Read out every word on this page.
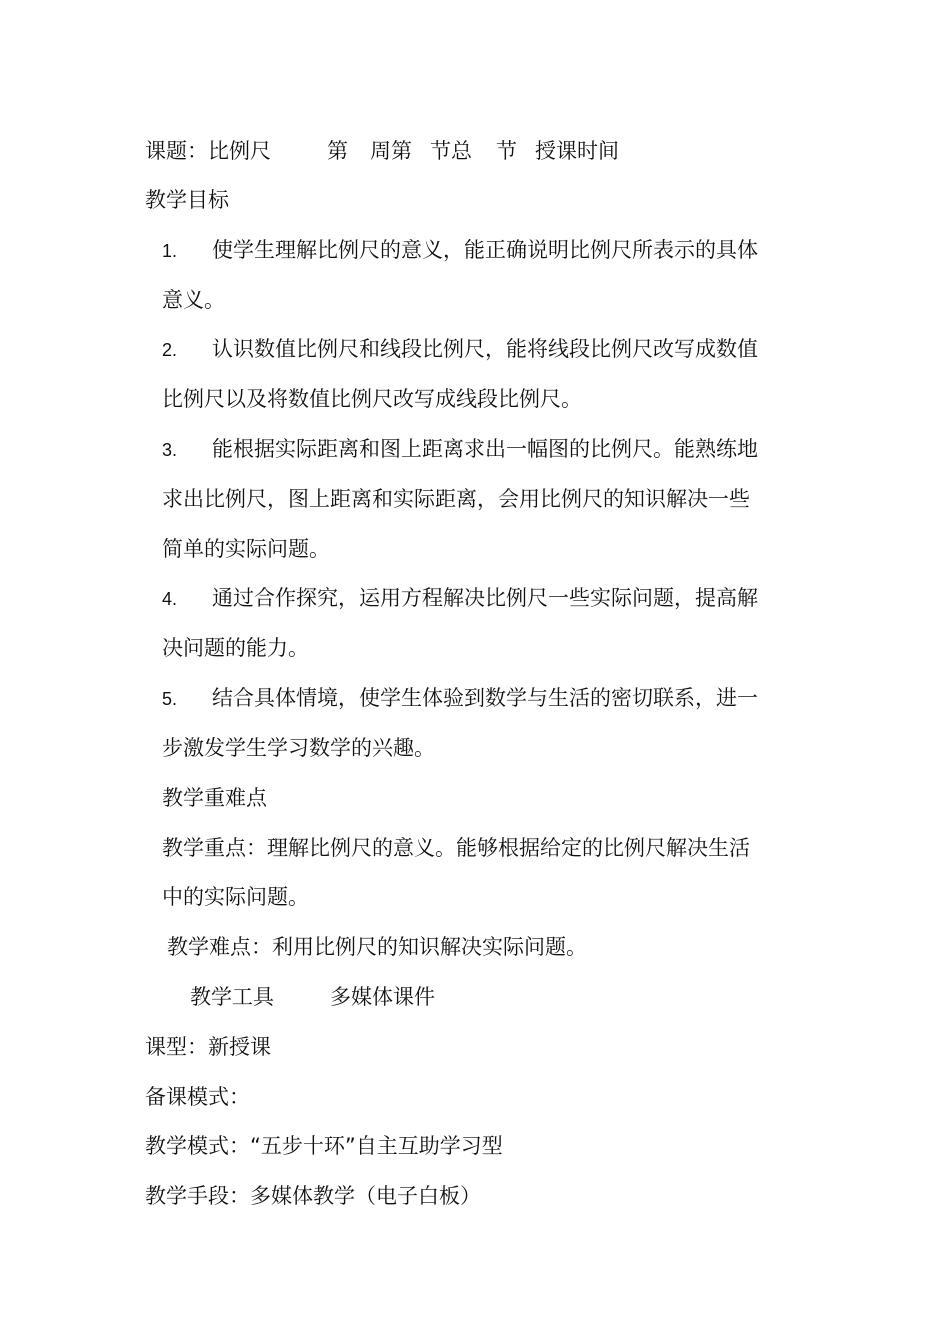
课题：比例尺	第 周第 节总 节 授课时间
教学目标
1. 使学生理解比例尺的意义，能正确说明比例尺所表示的具体
意义。
2. 认识数值比例尺和线段比例尺，能将线段比例尺改写成数值
比例尺以及将数值比例尺改写成线段比例尺。
3. 能根据实际距离和图上距离求出一幅图的比例尺。能熟练地
求出比例尺，图上距离和实际距离，会用比例尺的知识解决一些
简单的实际问题。
4. 通过合作探究，运用方程解决比例尺一些实际问题，提高解
决问题的能力。
5. 结合具体情境，使学生体验到数学与生活的密切联系，进一
步激发学生学习数学的兴趣。
教学重难点
教学重点：理解比例尺的意义。能够根据给定的比例尺解决生活
中的实际问题。
教学难点：利用比例尺的知识解决实际问题。
教学工具	多媒体课件
课型：新授课
备课模式：
教学模式：“五步十环”自主互助学习型
教学手段：多媒体教学（电子白板）
